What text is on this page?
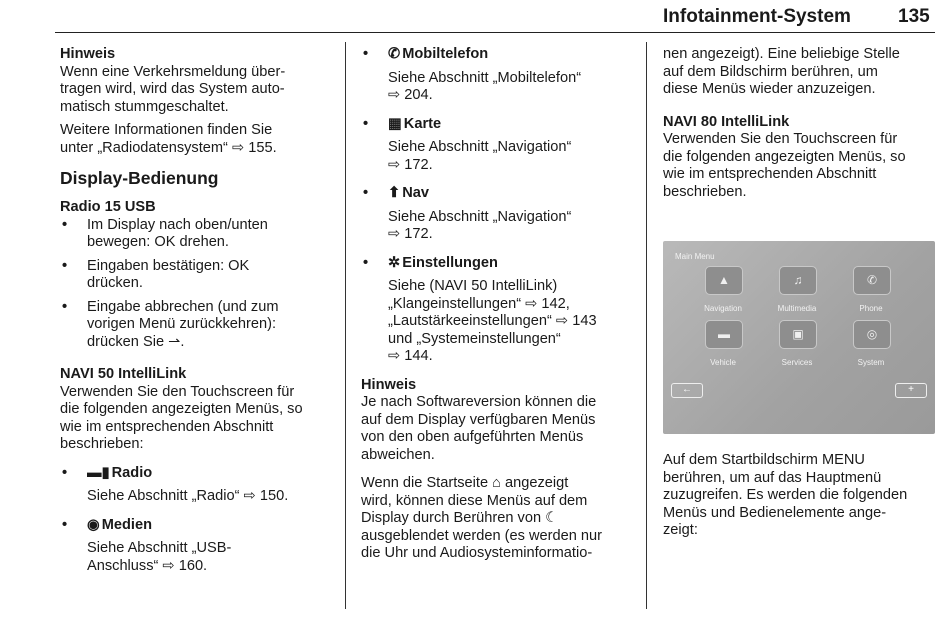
Infotainment-System 135

Hinweis

Wenn eine Verkehrsmeldung über-

tragen wird, wird das System auto-

matisch stummgeschaltet.

Weitere Informationen finden Sie

unter „Radiodatensystem“ ⇨ 155.

Display-Bedienung

Radio 15 USB

• Im Display nach oben/unten

bewegen: OK drehen.

• Eingaben bestätigen: OK

drücken.

• Eingabe abbrechen (und zum

vorigen Menü zurückkehren):

drücken Sie ⇀.

NAVI 50 IntelliLink

Verwenden Sie den Touchscreen für

die folgenden angezeigten Menüs, so

wie im entsprechenden Abschnitt

beschrieben:

• ▬▮ Radio

Siehe Abschnitt „Radio“ ⇨ 150.

• ◉ Medien

Siehe Abschnitt „USB-

Anschluss“ ⇨ 160.

• ✆ Mobiltelefon

Siehe Abschnitt „Mobiltelefon“

⇨ 204.

• ▦ Karte

Siehe Abschnitt „Navigation“

⇨ 172.

• ⬆ Nav

Siehe Abschnitt „Navigation“

⇨ 172.

• ✲ Einstellungen

Siehe (NAVI 50 IntelliLink)

„Klangeinstellungen“ ⇨ 142,

„Lautstärkeeinstellungen“ ⇨ 143

und „Systemeinstellungen“

⇨ 144.

Hinweis

Je nach Softwareversion können die

auf dem Display verfügbaren Menüs

von den oben aufgeführten Menüs

abweichen.

Wenn die Startseite ⌂ angezeigt

wird, können diese Menüs auf dem

Display durch Berühren von ☾

ausgeblendet werden (es werden nur

die Uhr und Audiosysteminformatio-

nen angezeigt). Eine beliebige Stelle

auf dem Bildschirm berühren, um

diese Menüs wieder anzuzeigen.

NAVI 80 IntelliLink

Verwenden Sie den Touchscreen für

die folgenden angezeigten Menüs, so

wie im entsprechenden Abschnitt

beschrieben.

Main Menu
▲	♫	✆
Navigation	Multimedia	Phone
▬	▣	◎
Vehicle	Services	System
←	+

Auf dem Startbildschirm MENU

berühren, um auf das Hauptmenü

zuzugreifen. Es werden die folgenden

Menüs und Bedienelemente ange-

zeigt:
